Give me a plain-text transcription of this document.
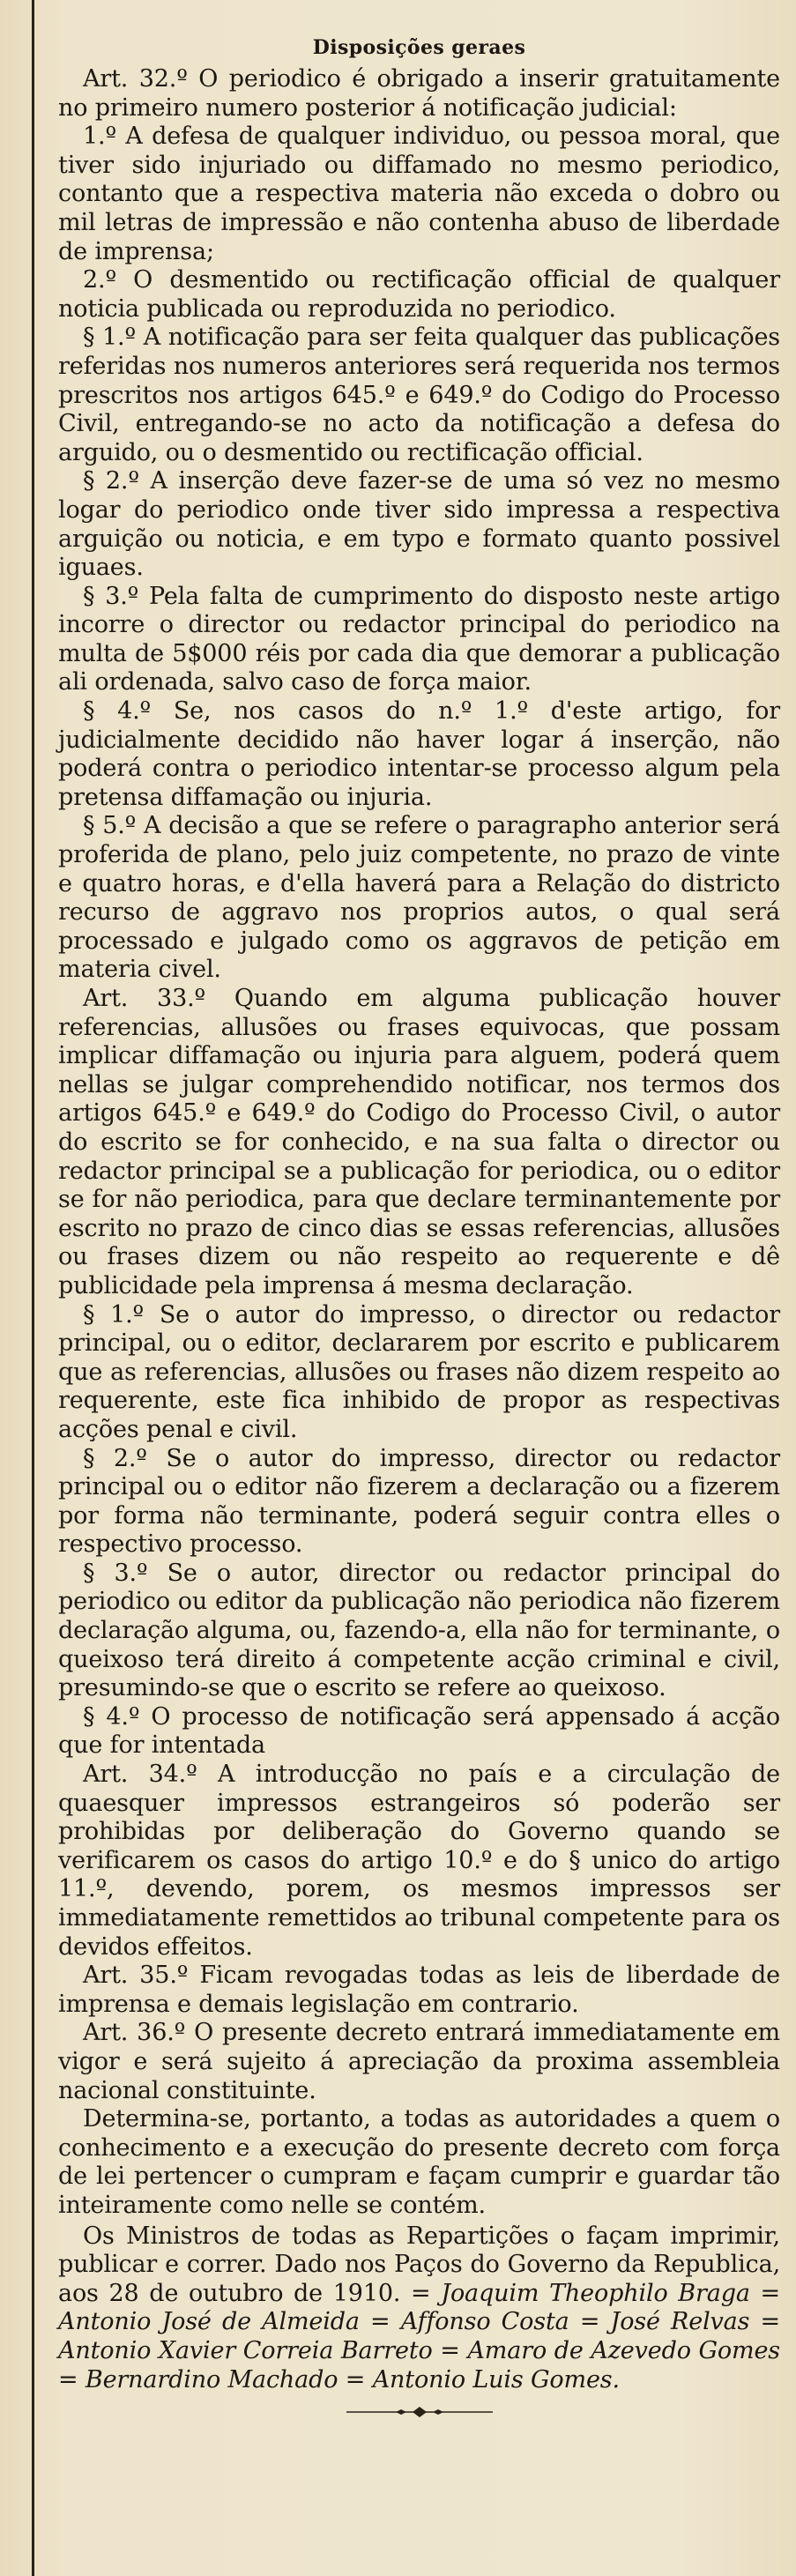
Disposições geraes

Art. 32.º O periodico é obrigado a inserir gratuitamente no primeiro numero posterior á notificação judicial:

1.º A defesa de qualquer individuo, ou pessoa moral, que tiver sido injuriado ou diffamado no mesmo periodico, contanto que a respectiva materia não exceda o dobro ou mil letras de impressão e não contenha abuso de liberdade de imprensa;

2.º O desmentido ou rectificação official de qualquer noticia publicada ou reproduzida no periodico.

§ 1.º A notificação para ser feita qualquer das publicações referidas nos numeros anteriores será requerida nos termos prescritos nos artigos 645.º e 649.º do Codigo do Processo Civil, entregando-se no acto da notificação a defesa do arguido, ou o desmentido ou rectificação official.

§ 2.º A inserção deve fazer-se de uma só vez no mesmo logar do periodico onde tiver sido impressa a respectiva arguição ou noticia, e em typo e formato quanto possivel iguaes.

§ 3.º Pela falta de cumprimento do disposto neste artigo incorre o director ou redactor principal do periodico na multa de 5$000 réis por cada dia que demorar a publicação ali ordenada, salvo caso de força maior.

§ 4.º Se, nos casos do n.º 1.º d'este artigo, for judicialmente decidido não haver logar á inserção, não poderá contra o periodico intentar-se processo algum pela pretensa diffamação ou injuria.

§ 5.º A decisão a que se refere o paragrapho anterior será proferida de plano, pelo juiz competente, no prazo de vinte e quatro horas, e d'ella haverá para a Relação do districto recurso de aggravo nos proprios autos, o qual será processado e julgado como os aggravos de petição em materia civel.

Art. 33.º Quando em alguma publicação houver referencias, allusões ou frases equivocas, que possam implicar diffamação ou injuria para alguem, poderá quem nellas se julgar comprehendido notificar, nos termos dos artigos 645.º e 649.º do Codigo do Processo Civil, o autor do escrito se for conhecido, e na sua falta o director ou redactor principal se a publicação for periodica, ou o editor se for não periodica, para que declare terminantemente por escrito no prazo de cinco dias se essas referencias, allusões ou frases dizem ou não respeito ao requerente e dê publicidade pela imprensa á mesma declaração.

§ 1.º Se o autor do impresso, o director ou redactor principal, ou o editor, declararem por escrito e publicarem que as referencias, allusões ou frases não dizem respeito ao requerente, este fica inhibido de propor as respectivas acções penal e civil.

§ 2.º Se o autor do impresso, director ou redactor principal ou o editor não fizerem a declaração ou a fizerem por forma não terminante, poderá seguir contra elles o respectivo processo.

§ 3.º Se o autor, director ou redactor principal do periodico ou editor da publicação não periodica não fizerem declaração alguma, ou, fazendo-a, ella não for terminante, o queixoso terá direito á competente acção criminal e civil, presumindo-se que o escrito se refere ao queixoso.

§ 4.º O processo de notificação será appensado á acção que for intentada

Art. 34.º A introducção no país e a circulação de quaesquer impressos estrangeiros só poderão ser prohibidas por deliberação do Governo quando se verificarem os casos do artigo 10.º e do § unico do artigo 11.º, devendo, porem, os mesmos impressos ser immediatamente remettidos ao tribunal competente para os devidos effeitos.

Art. 35.º Ficam revogadas todas as leis de liberdade de imprensa e demais legislação em contrario.

Art. 36.º O presente decreto entrará immediatamente em vigor e será sujeito á apreciação da proxima assembleia nacional constituinte.

Determina-se, portanto, a todas as autoridades a quem o conhecimento e a execução do presente decreto com força de lei pertencer o cumpram e façam cumprir e guardar tão inteiramente como nelle se contém.

Os Ministros de todas as Repartições o façam imprimir, publicar e correr. Dado nos Paços do Governo da Republica, aos 28 de outubro de 1910. = Joaquim Theophilo Braga = Antonio José de Almeida = Affonso Costa = José Relvas = Antonio Xavier Correia Barreto = Amaro de Azevedo Gomes = Bernardino Machado = Antonio Luis Gomes.
